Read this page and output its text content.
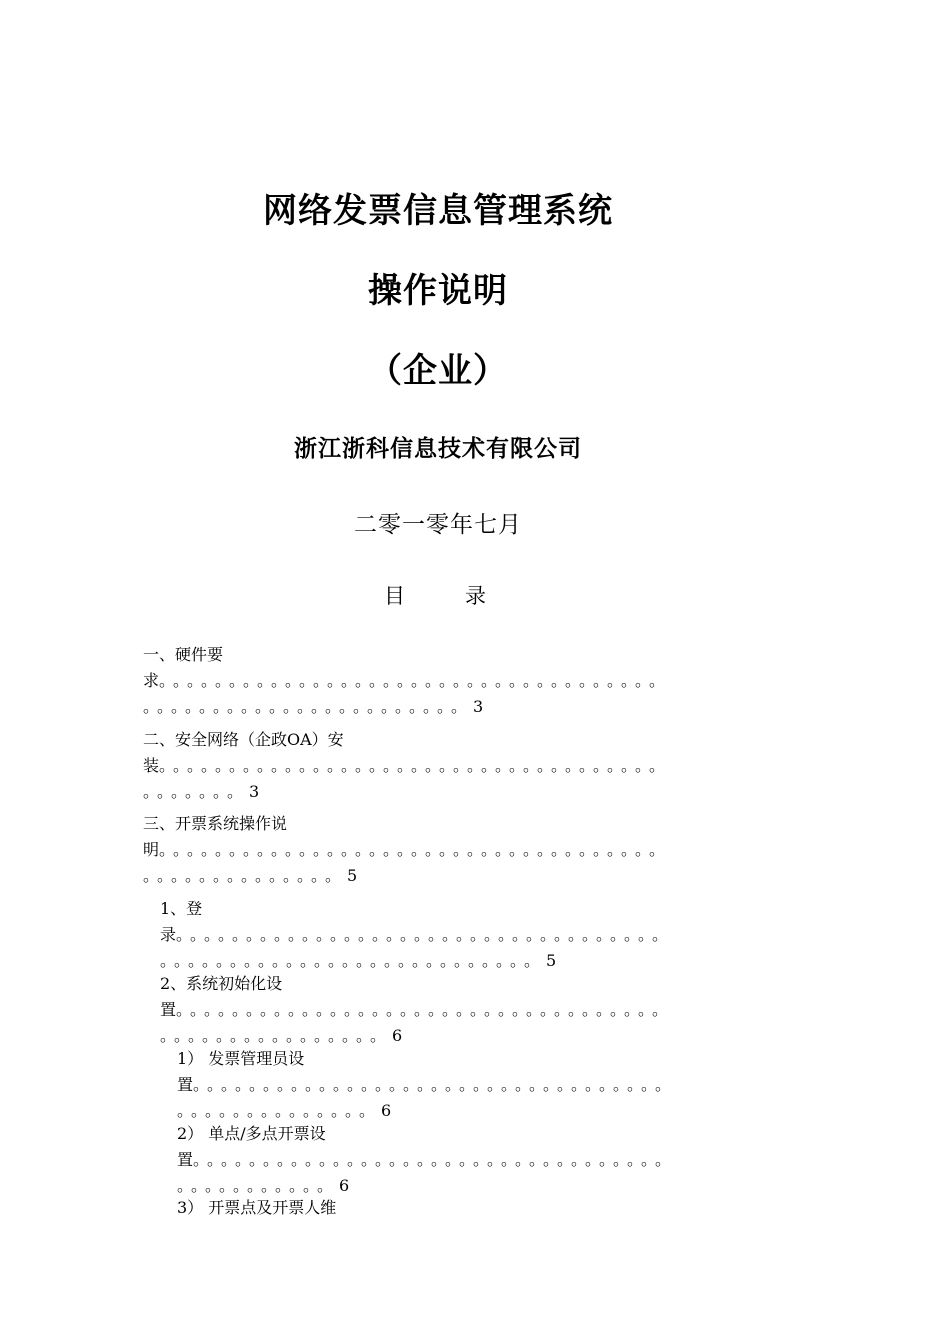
网络发票信息管理系统
操作说明
（企业）
浙江浙科信息技术有限公司
二零一零年七月
目	录
一、硬件要
求。。。。。。。。。。。。。。。。。。。。。。。。。。。。。。。。。。。。
。。。。。。。。。。。。。。。。。。。。。。。3
二、安全网络（企政OA）安
装。。。。。。。。。。。。。。。。。。。。。。。。。。。。。。。。。。。。
。。。。。。。3
三、开票系统操作说
明。。。。。。。。。。。。。。。。。。。。。。。。。。。。。。。。。。。。
。。。。。。。。。。。。。。5
1、登
录。。。。。。。。。。。。。。。。。。。。。。。。。。。。。。。。。。。
。。。。。。。。。。。。。。。。。。。。。。。。。。。5
2、系统初始化设
置。。。。。。。。。。。。。。。。。。。。。。。。。。。。。。。。。。。
。。。。。。。。。。。。。。。。6
1） 发票管理员设
置。。。。。。。。。。。。。。。。。。。。。。。。。。。。。。。。。。
。。。。。。。。。。。。。。6
2） 单点/多点开票设
置。。。。。。。。。。。。。。。。。。。。。。。。。。。。。。。。。。
。。。。。。。。。。。6
3） 开票点及开票人维
